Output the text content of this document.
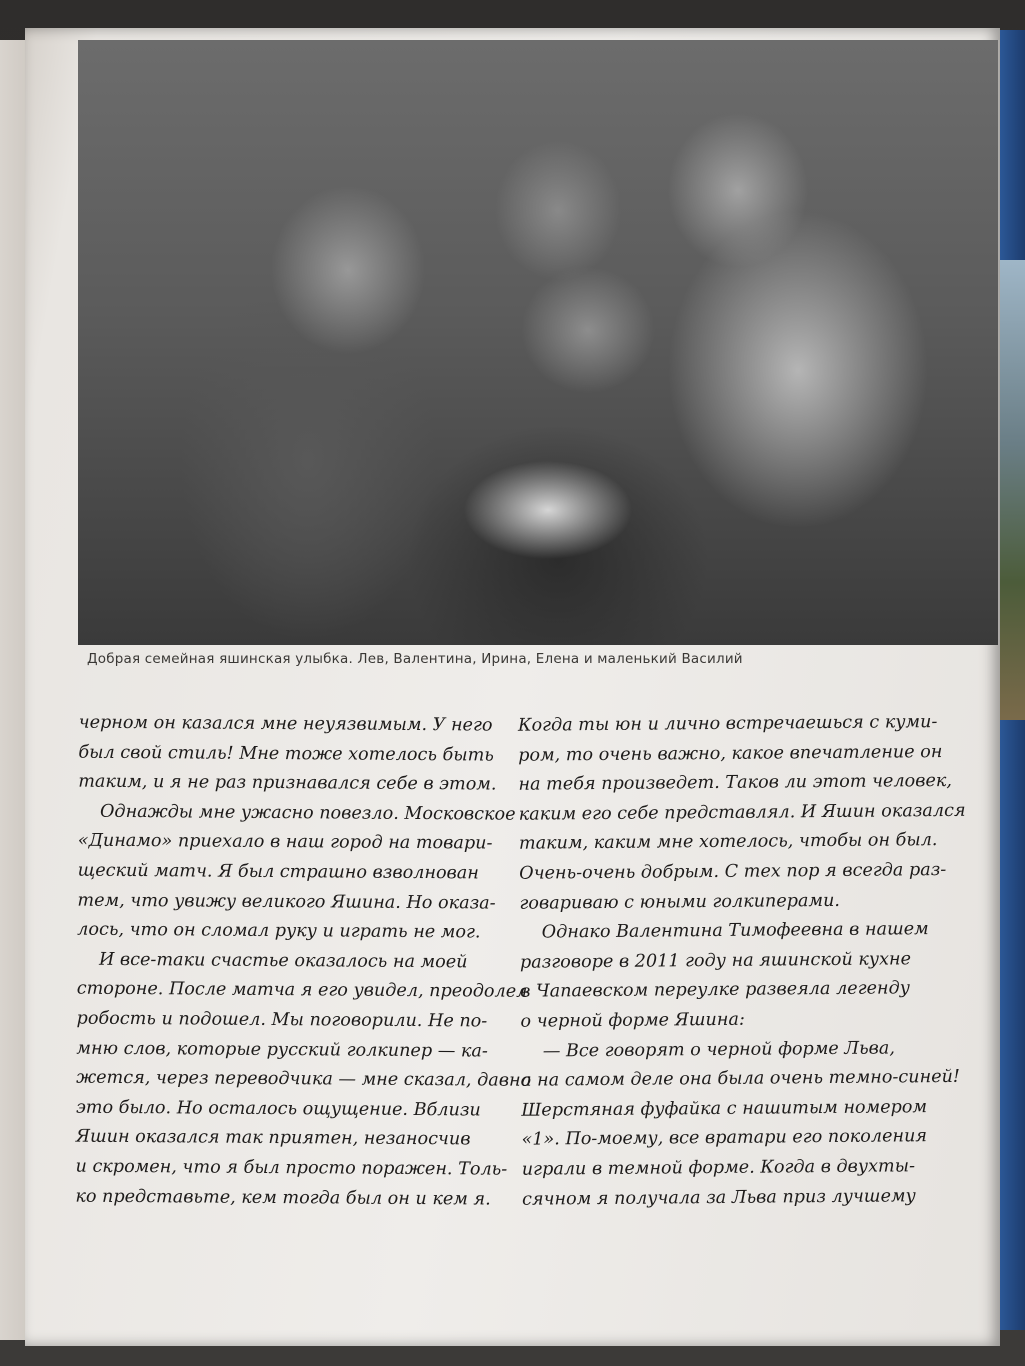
Добрая семейная яшинская улыбка. Лев, Валентина, Ирина, Елена и маленький Василий
черном он казался мне неуязвимым. У него
был свой стиль! Мне тоже хотелось быть
таким, и я не раз признавался себе в этом.
Однажды мне ужасно повезло. Московское
«Динамо» приехало в наш город на товари-
щеский матч. Я был страшно взволнован
тем, что увижу великого Яшина. Но оказа-
лось, что он сломал руку и играть не мог.
И все-таки счастье оказалось на моей
стороне. После матча я его увидел, преодолел
робость и подошел. Мы поговорили. Не по-
мню слов, которые русский голкипер — ка-
жется, через переводчика — мне сказал, давно
это было. Но осталось ощущение. Вблизи
Яшин оказался так приятен, незаносчив
и скромен, что я был просто поражен. Толь-
ко представьте, кем тогда был он и кем я.
Когда ты юн и лично встречаешься с куми-
ром, то очень важно, какое впечатление он
на тебя произведет. Таков ли этот человек,
каким его себе представлял. И Яшин оказался
таким, каким мне хотелось, чтобы он был.
Очень-очень добрым. С тех пор я всегда раз-
говариваю с юными голкиперами.
Однако Валентина Тимофеевна в нашем
разговоре в 2011 году на яшинской кухне
в Чапаевском переулке развеяла легенду
о черной форме Яшина:
— Все говорят о черной форме Льва,
а на самом деле она была очень темно-синей!
Шерстяная фуфайка с нашитым номером
«1». По-моему, все вратари его поколения
играли в темной форме. Когда в двухты-
сячном я получала за Льва приз лучшему
